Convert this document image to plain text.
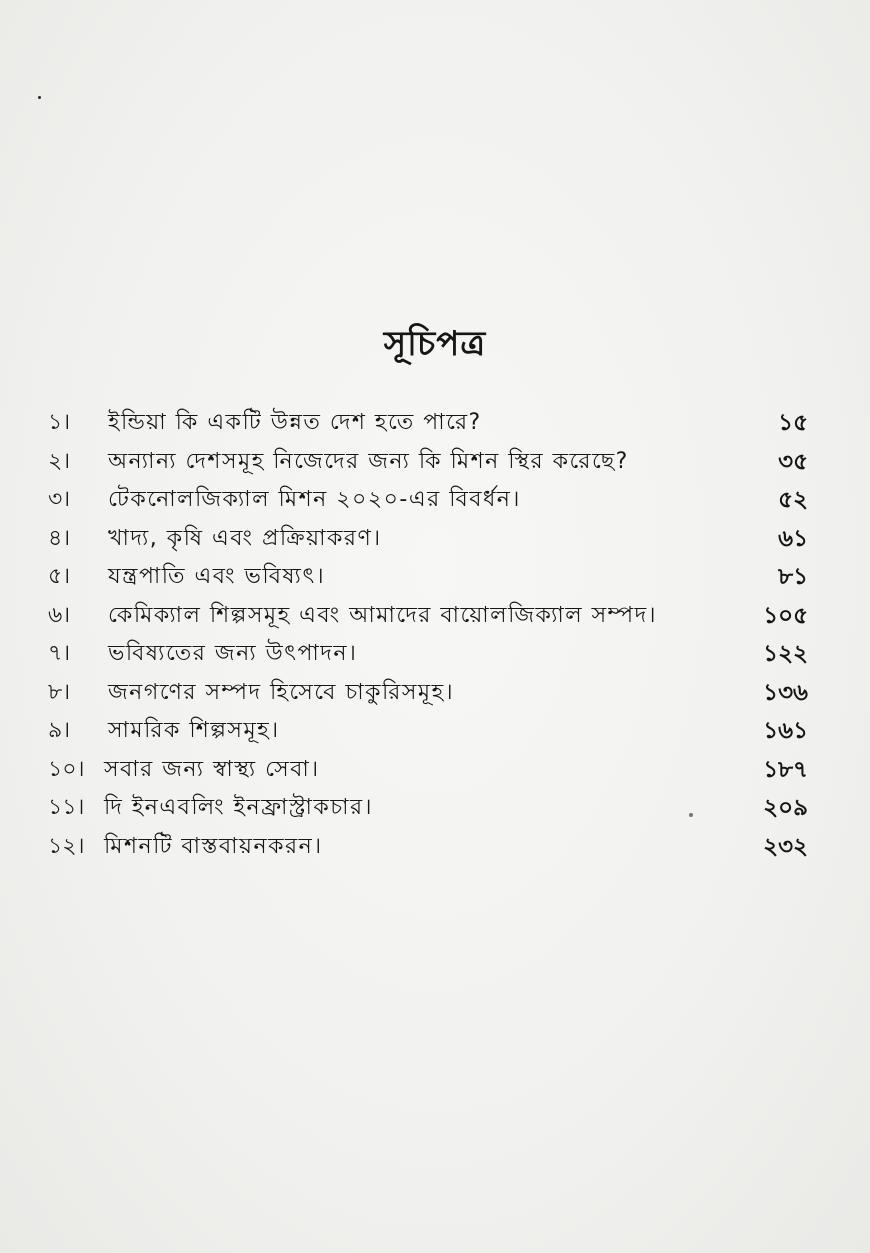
সূচিপত্র
১। ইন্ডিয়া কি একটি উন্নত দেশ হতে পারে?	১৫
২। অন্যান্য দেশসমূহ নিজেদের জন্য কি মিশন স্থির করেছে?	৩৫
৩। টেকনোলজিক্যাল মিশন ২০২০-এর বিবর্ধন।	৫২
৪। খাদ্য, কৃষি এবং প্রক্রিয়াকরণ।	৬১
৫। যন্ত্রপাতি এবং ভবিষ্যৎ।	৮১
৬। কেমিক্যাল শিল্পসমূহ এবং আমাদের বায়োলজিক্যাল সম্পদ।	১০৫
৭। ভবিষ্যতের জন্য উৎপাদন।	১২২
৮। জনগণের সম্পদ হিসেবে চাকুরিসমূহ।	১৩৬
৯। সামরিক শিল্পসমূহ।	১৬১
১০। সবার জন্য স্বাস্থ্য সেবা।	১৮৭
১১। দি ইনএবলিং ইনফ্রাস্ট্রাকচার।	২০৯
১২। মিশনটি বাস্তবায়নকরন।	২৩২
